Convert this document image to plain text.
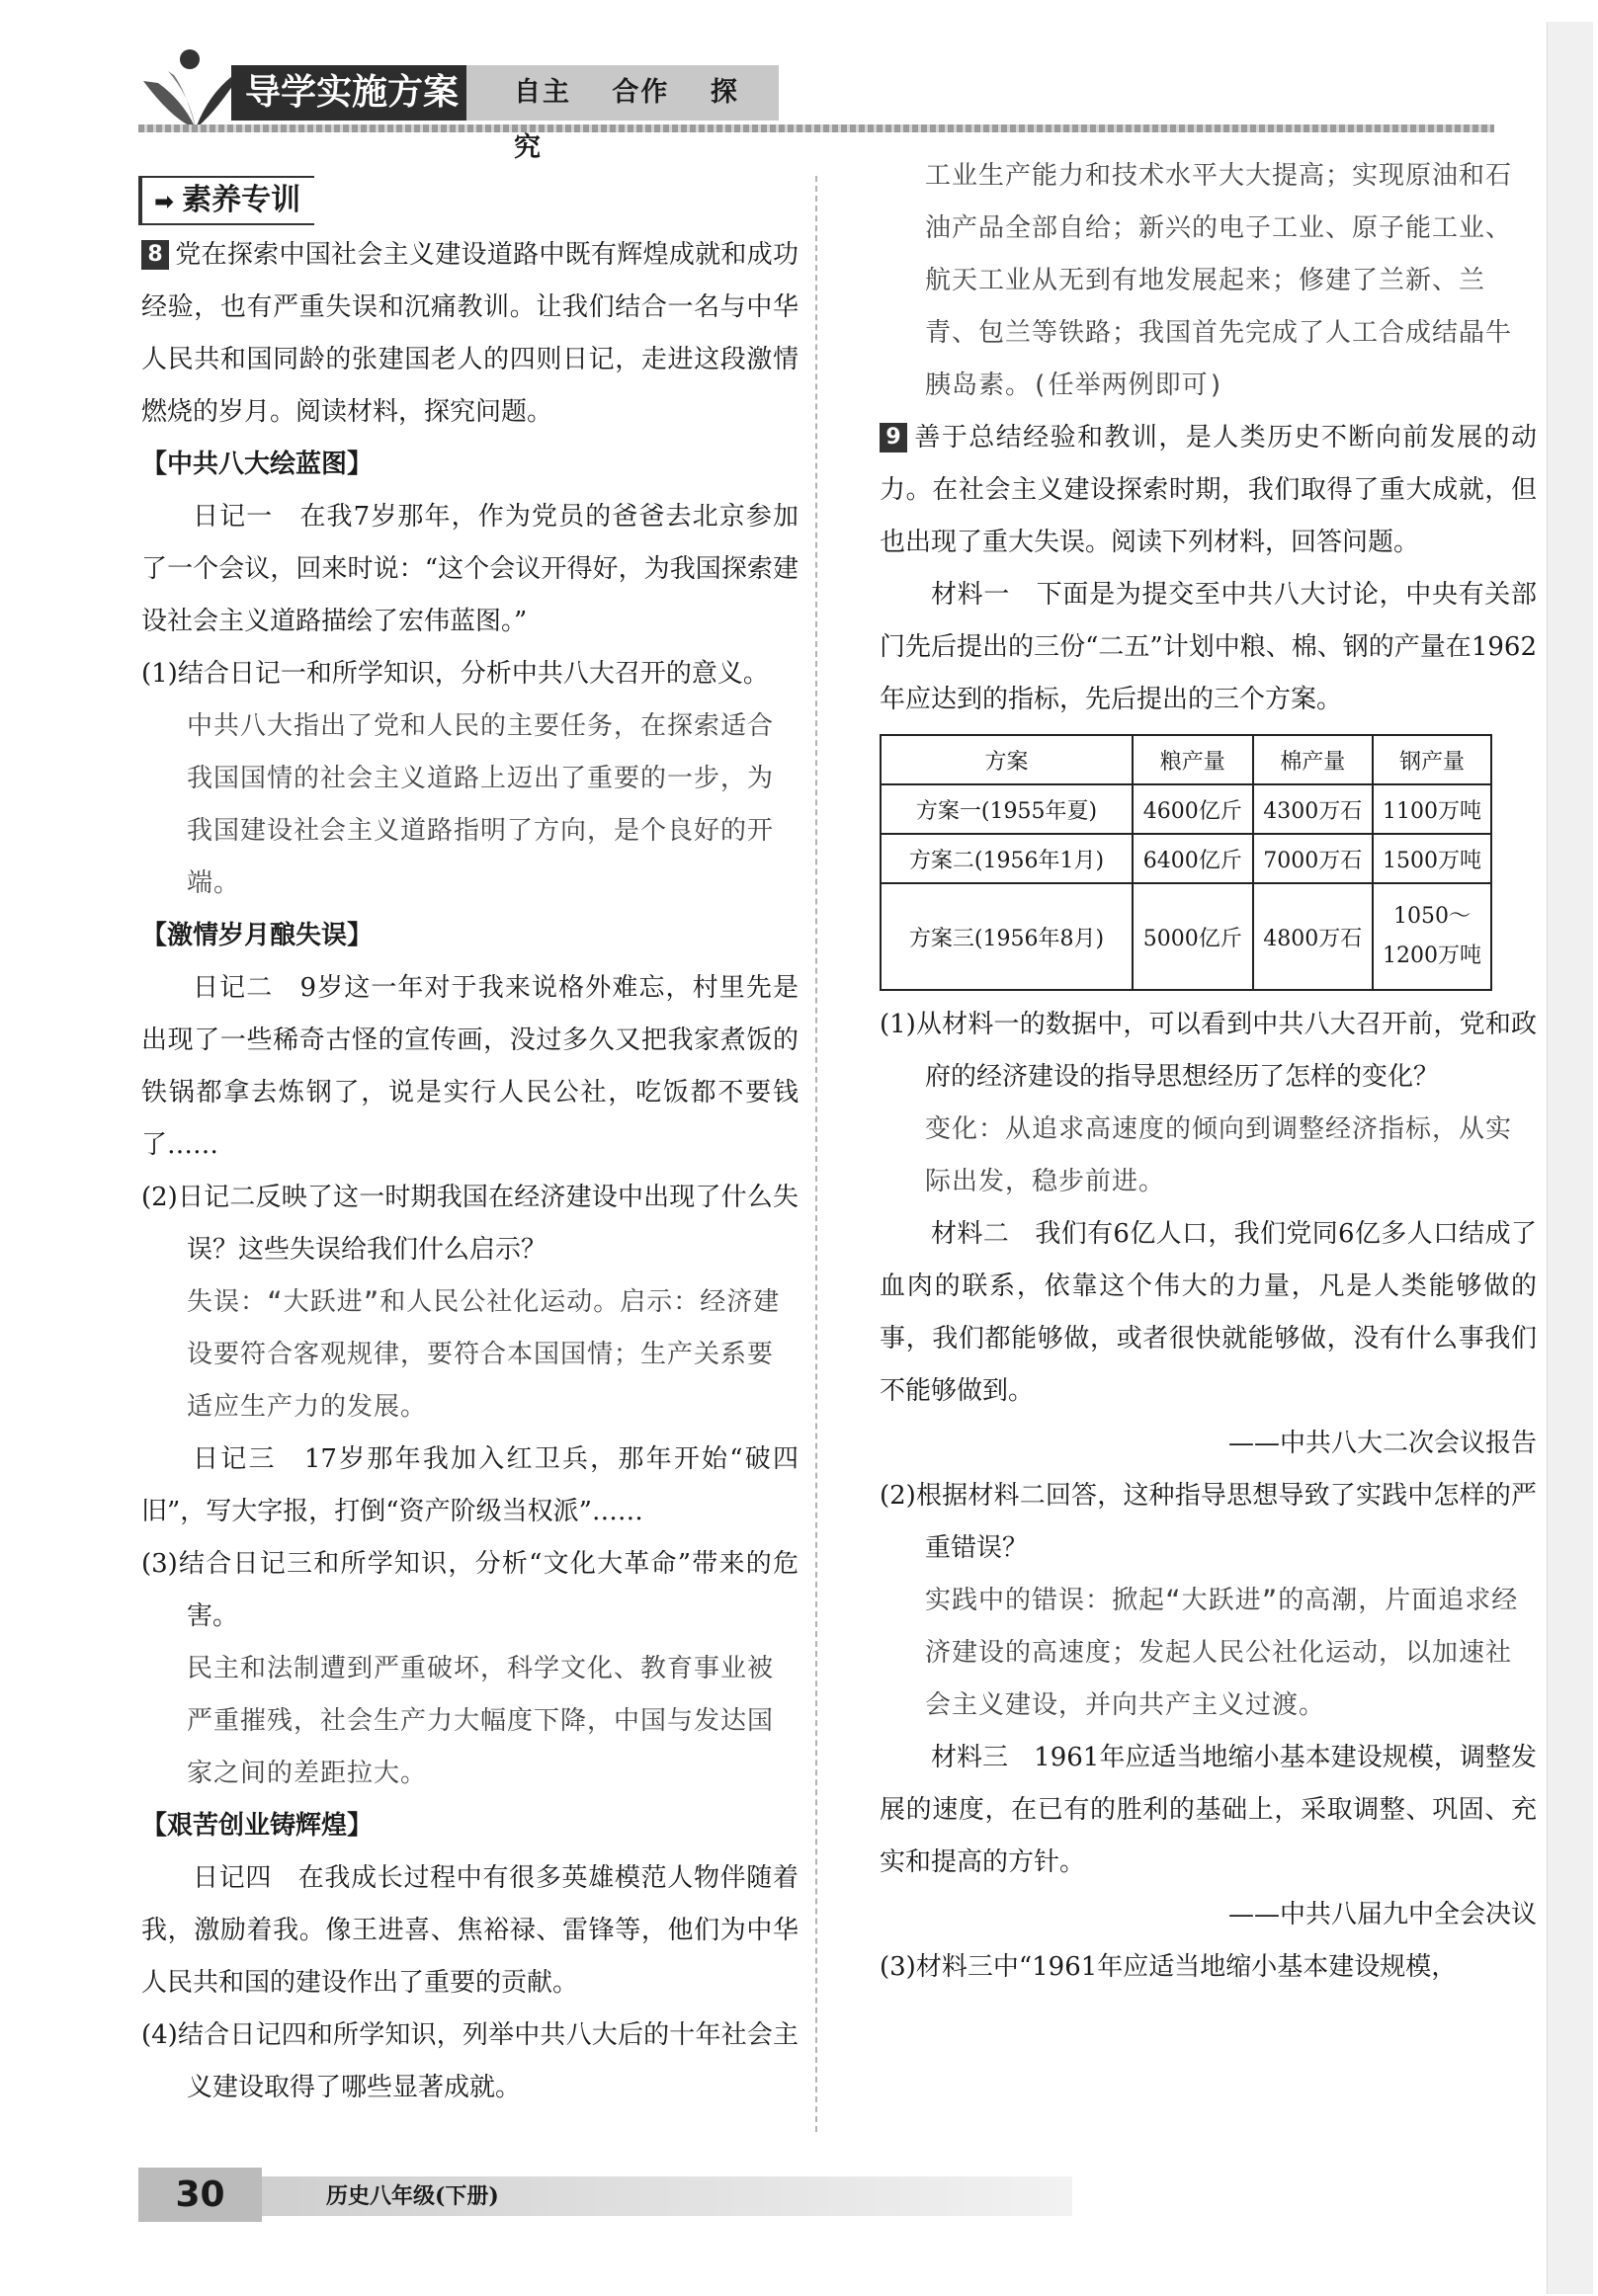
导学实施方案	自主 合作 探究
➡ 素养专训
8 党在探索中国社会主义建设道路中既有辉煌成就和成功经验，也有严重失误和沉痛教训。让我们结合一名与中华人民共和国同龄的张建国老人的四则日记，走进这段激情燃烧的岁月。阅读材料，探究问题。
【中共八大绘蓝图】
日记一　在我7岁那年，作为党员的爸爸去北京参加了一个会议，回来时说：“这个会议开得好，为我国探索建设社会主义道路描绘了宏伟蓝图。”
(1)结合日记一和所学知识，分析中共八大召开的意义。
中共八大指出了党和人民的主要任务，在探索适合我国国情的社会主义道路上迈出了重要的一步，为我国建设社会主义道路指明了方向，是个良好的开端。
【激情岁月酿失误】
日记二　9岁这一年对于我来说格外难忘，村里先是出现了一些稀奇古怪的宣传画，没过多久又把我家煮饭的铁锅都拿去炼钢了，说是实行人民公社，吃饭都不要钱了……
(2)日记二反映了这一时期我国在经济建设中出现了什么失误？这些失误给我们什么启示？
失误：“大跃进”和人民公社化运动。启示：经济建设要符合客观规律，要符合本国国情；生产关系要适应生产力的发展。
日记三　17岁那年我加入红卫兵，那年开始“破四旧”，写大字报，打倒“资产阶级当权派”……
(3)结合日记三和所学知识，分析“文化大革命”带来的危害。
民主和法制遭到严重破坏，科学文化、教育事业被严重摧残，社会生产力大幅度下降，中国与发达国家之间的差距拉大。
【艰苦创业铸辉煌】
日记四　在我成长过程中有很多英雄模范人物伴随着我，激励着我。像王进喜、焦裕禄、雷锋等，他们为中华人民共和国的建设作出了重要的贡献。
(4)结合日记四和所学知识，列举中共八大后的十年社会主义建设取得了哪些显著成就。
工业生产能力和技术水平大大提高；实现原油和石油产品全部自给；新兴的电子工业、原子能工业、航天工业从无到有地发展起来；修建了兰新、兰青、包兰等铁路；我国首先完成了人工合成结晶牛胰岛素。(任举两例即可)
9 善于总结经验和教训，是人类历史不断向前发展的动力。在社会主义建设探索时期，我们取得了重大成就，但也出现了重大失误。阅读下列材料，回答问题。
材料一　下面是为提交至中共八大讨论，中央有关部门先后提出的三份“二五”计划中粮、棉、钢的产量在1962年应达到的指标，先后提出的三个方案。
方案	粮产量	棉产量	钢产量
方案一(1955年夏)	4600亿斤	4300万石	1100万吨
方案二(1956年1月)	6400亿斤	7000万石	1500万吨
方案三(1956年8月)	5000亿斤	4800万石	1050～1200万吨
(1)从材料一的数据中，可以看到中共八大召开前，党和政府的经济建设的指导思想经历了怎样的变化？
变化：从追求高速度的倾向到调整经济指标，从实际出发，稳步前进。
材料二　我们有6亿人口，我们党同6亿多人口结成了血肉的联系，依靠这个伟大的力量，凡是人类能够做的事，我们都能够做，或者很快就能够做，没有什么事我们不能够做到。
——中共八大二次会议报告
(2)根据材料二回答，这种指导思想导致了实践中怎样的严重错误？
实践中的错误：掀起“大跃进”的高潮，片面追求经济建设的高速度；发起人民公社化运动，以加速社会主义建设，并向共产主义过渡。
材料三　1961年应适当地缩小基本建设规模，调整发展的速度，在已有的胜利的基础上，采取调整、巩固、充实和提高的方针。
——中共八届九中全会决议
(3)材料三中“1961年应适当地缩小基本建设规模，
30	历史八年级(下册)
